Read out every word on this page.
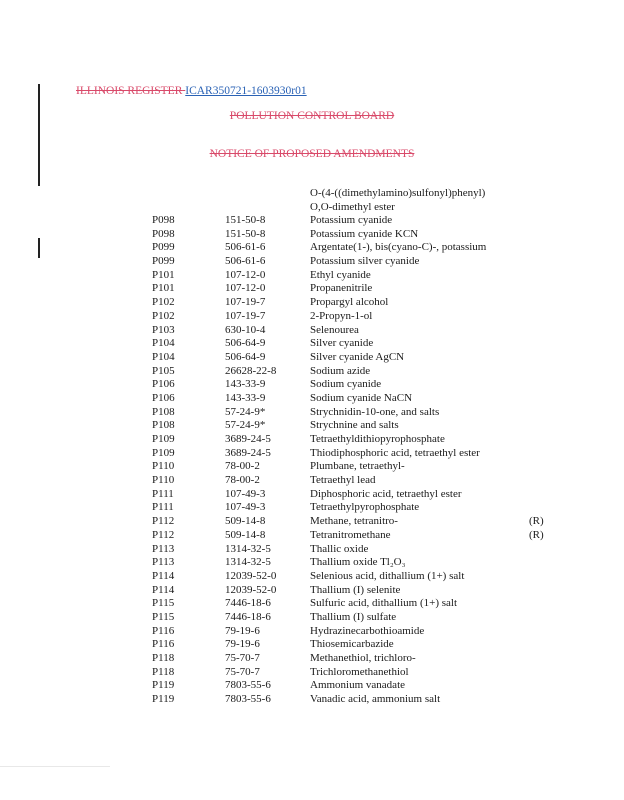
ILLINOIS REGISTER ICAR350721-1603930r01
POLLUTION CONTROL BOARD
NOTICE OF PROPOSED AMENDMENTS
O-(4-((dimethylamino)sulfonyl)phenyl)
O,O-dimethyl ester
P098	151-50-8	Potassium cyanide
P098	151-50-8	Potassium cyanide KCN
P099	506-61-6	Argentate(1-), bis(cyano-C)-, potassium
P099	506-61-6	Potassium silver cyanide
P101	107-12-0	Ethyl cyanide
P101	107-12-0	Propanenitrile
P102	107-19-7	Propargyl alcohol
P102	107-19-7	2-Propyn-1-ol
P103	630-10-4	Selenourea
P104	506-64-9	Silver cyanide
P104	506-64-9	Silver cyanide AgCN
P105	26628-22-8	Sodium azide
P106	143-33-9	Sodium cyanide
P106	143-33-9	Sodium cyanide NaCN
P108	57-24-9*	Strychnidin-10-one, and salts
P108	57-24-9*	Strychnine and salts
P109	3689-24-5	Tetraethyldithiopyrophosphate
P109	3689-24-5	Thiodiphosphoric acid, tetraethyl ester
P110	78-00-2	Plumbane, tetraethyl-
P110	78-00-2	Tetraethyl lead
P111	107-49-3	Diphosphoric acid, tetraethyl ester
P111	107-49-3	Tetraethylpyrophosphate
P112	509-14-8	Methane, tetranitro-	(R)
P112	509-14-8	Tetranitromethane	(R)
P113	1314-32-5	Thallic oxide
P113	1314-32-5	Thallium oxide Tl₂O₃
P114	12039-52-0	Selenious acid, dithallium (1+) salt
P114	12039-52-0	Thallium (I) selenite
P115	7446-18-6	Sulfuric acid, dithallium (1+) salt
P115	7446-18-6	Thallium (I) sulfate
P116	79-19-6	Hydrazinecarbothioamide
P116	79-19-6	Thiosemicarbazide
P118	75-70-7	Methanethiol, trichloro-
P118	75-70-7	Trichloromethanethiol
P119	7803-55-6	Ammonium vanadate
P119	7803-55-6	Vanadic acid, ammonium salt
